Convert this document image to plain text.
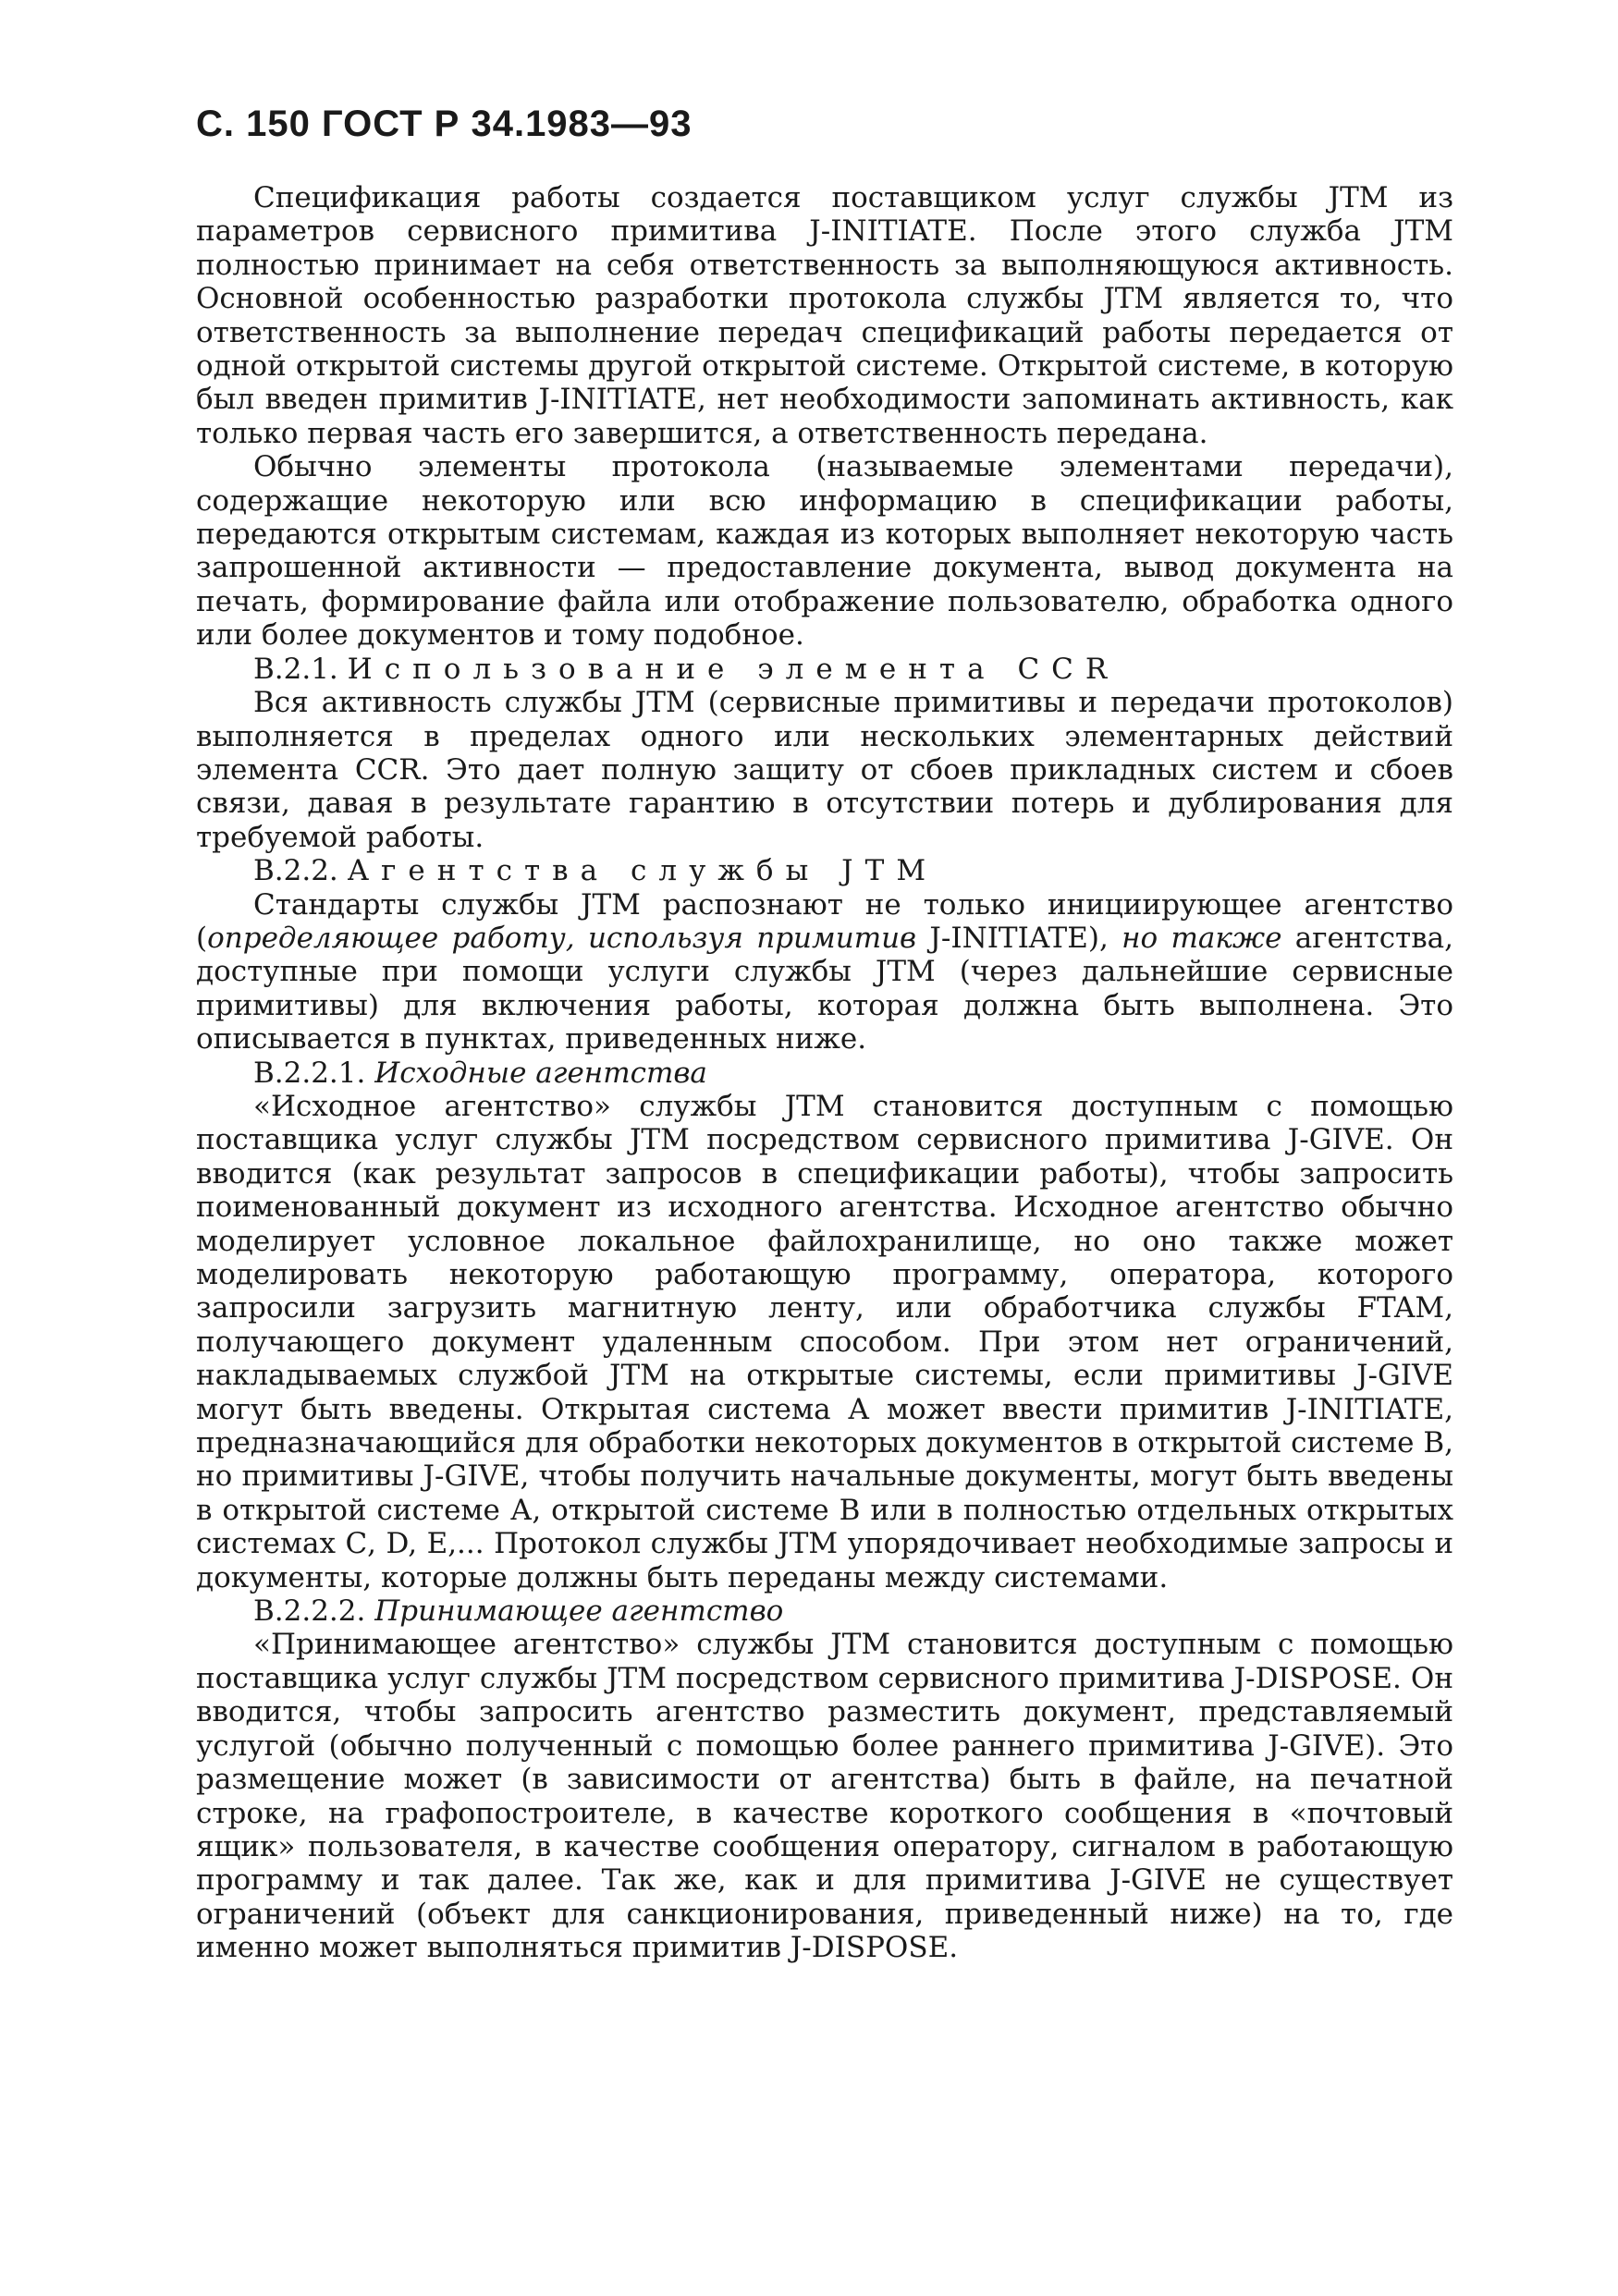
С. 150 ГОСТ Р 34.1983—93

Спецификация работы создается поставщиком услуг службы JTM из параметров сервисного примитива J-INITIATE. После этого служба JTM полностью принимает на себя ответственность за выполняющуюся активность. Основной особенностью разработки протокола службы JTM является то, что ответственность за выполнение передач спецификаций работы передается от одной открытой системы другой открытой системе. Открытой системе, в которую был введен примитив J-INITIATE, нет необходимости запоминать активность, как только первая часть его завершится, а ответственность передана.

Обычно элементы протокола (называемые элементами передачи), содержащие некоторую или всю информацию в спецификации работы, передаются открытым системам, каждая из которых выполняет некоторую часть запрошенной активности — предоставление документа, вывод документа на печать, формирование файла или отображение пользователю, обработка одного или более документов и тому подобное.

В.2.1. Использование элемента CCR

Вся активность службы JTM (сервисные примитивы и передачи протоколов) выполняется в пределах одного или нескольких элементарных действий элемента CCR. Это дает полную защиту от сбоев прикладных систем и сбоев связи, давая в результате гарантию в отсутствии потерь и дублирования для требуемой работы.

В.2.2. Агентства службы JTM

Стандарты службы JTM распознают не только инициирующее агентство (определяющее работу, используя примитив J-INITIATE), но также агентства, доступные при помощи услуги службы JTM (через дальнейшие сервисные примитивы) для включения работы, которая должна быть выполнена. Это описывается в пунктах, приведенных ниже.

В.2.2.1. Исходные агентства

«Исходное агентство» службы JTM становится доступным с помощью поставщика услуг службы JTM посредством сервисного примитива J-GIVE. Он вводится (как результат запросов в спецификации работы), чтобы запросить поименованный документ из исходного агентства. Исходное агентство обычно моделирует условное локальное файлохранилище, но оно также может моделировать некоторую работающую программу, оператора, которого запросили загрузить магнитную ленту, или обработчика службы FTAM, получающего документ удаленным способом. При этом нет ограничений, накладываемых службой JTM на открытые системы, если примитивы J-GIVE могут быть введены. Открытая система А может ввести примитив J-INITIATE, предназначающийся для обработки некоторых документов в открытой системе В, но примитивы J-GIVE, чтобы получить начальные документы, могут быть введены в открытой системе А, открытой системе В или в полностью отдельных открытых системах С, D, E,... Протокол службы JTM упорядочивает необходимые запросы и документы, которые должны быть переданы между системами.

В.2.2.2. Принимающее агентство

«Принимающее агентство» службы JTM становится доступным с помощью поставщика услуг службы JTM посредством сервисного примитива J-DISPOSE. Он вводится, чтобы запросить агентство разместить документ, представляемый услугой (обычно полученный с помощью более раннего примитива J-GIVE). Это размещение может (в зависимости от агентства) быть в файле, на печатной строке, на графопостроителе, в качестве короткого сообщения в «почтовый ящик» пользователя, в качестве сообщения оператору, сигналом в работающую программу и так далее. Так же, как и для примитива J-GIVE не существует ограничений (объект для санкционирования, приведенный ниже) на то, где именно может выполняться примитив J-DISPOSE.
